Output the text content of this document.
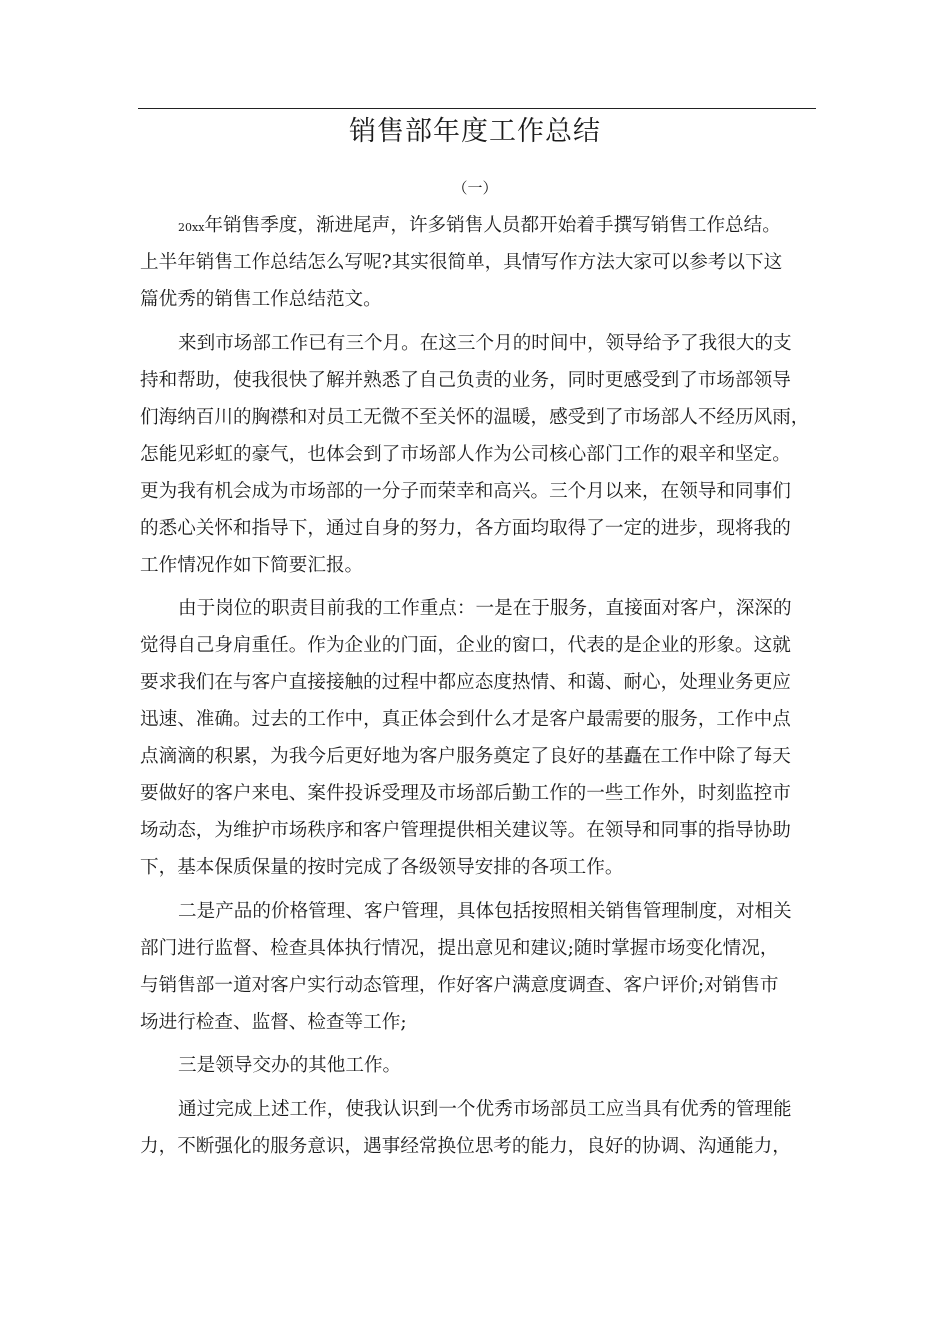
销售部年度工作总结
（一）
20xx年销售季度，渐进尾声，许多销售人员都开始着手撰写销售工作总结。
上半年销售工作总结怎么写呢?其实很简单，具情写作方法大家可以参考以下这
篇优秀的销售工作总结范文。
来到市场部工作已有三个月。在这三个月的时间中，领导给予了我很大的支
持和帮助，使我很快了解并熟悉了自己负责的业务，同时更感受到了市场部领导
们海纳百川的胸襟和对员工无微不至关怀的温暖，感受到了市场部人不经历风雨，
怎能见彩虹的豪气，也体会到了市场部人作为公司核心部门工作的艰辛和坚定。
更为我有机会成为市场部的一分子而荣幸和高兴。三个月以来，在领导和同事们
的悉心关怀和指导下，通过自身的努力，各方面均取得了一定的进步，现将我的
工作情况作如下简要汇报。
由于岗位的职责目前我的工作重点：一是在于服务，直接面对客户，深深的
觉得自己身肩重任。作为企业的门面，企业的窗口，代表的是企业的形象。这就
要求我们在与客户直接接触的过程中都应态度热情、和蔼、耐心，处理业务更应
迅速、准确。过去的工作中，真正体会到什么才是客户最需要的服务，工作中点
点滴滴的积累，为我今后更好地为客户服务奠定了良好的基矗在工作中除了每天
要做好的客户来电、案件投诉受理及市场部后勤工作的一些工作外，时刻监控市
场动态，为维护市场秩序和客户管理提供相关建议等。在领导和同事的指导协助
下，基本保质保量的按时完成了各级领导安排的各项工作。
二是产品的价格管理、客户管理，具体包括按照相关销售管理制度，对相关
部门进行监督、检查具体执行情况，提出意见和建议;随时掌握市场变化情况，
与销售部一道对客户实行动态管理，作好客户满意度调查、客户评价;对销售市
场进行检查、监督、检查等工作;
三是领导交办的其他工作。
通过完成上述工作，使我认识到一个优秀市场部员工应当具有优秀的管理能
力，不断强化的服务意识，遇事经常换位思考的能力，良好的协调、沟通能力，
